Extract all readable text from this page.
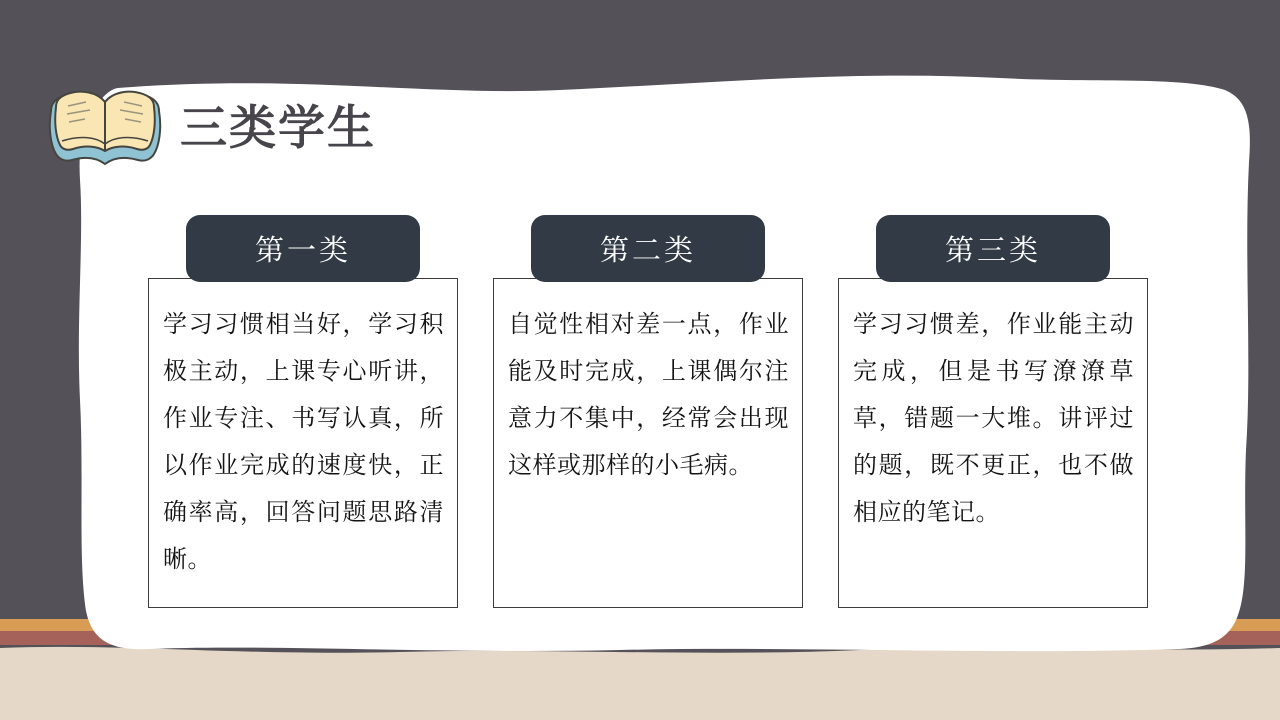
三类学生
第一类

学习习惯相当好，学习积极主动，上课专心听讲，作业专注、书写认真，所以作业完成的速度快，正确率高，回答问题思路清晰。

第二类

自觉性相对差一点，作业能及时完成，上课偶尔注意力不集中，经常会出现这样或那样的小毛病。

第三类

学习习惯差，作业能主动完成，但是书写潦潦草草，错题一大堆。讲评过的题，既不更正，也不做相应的笔记。
